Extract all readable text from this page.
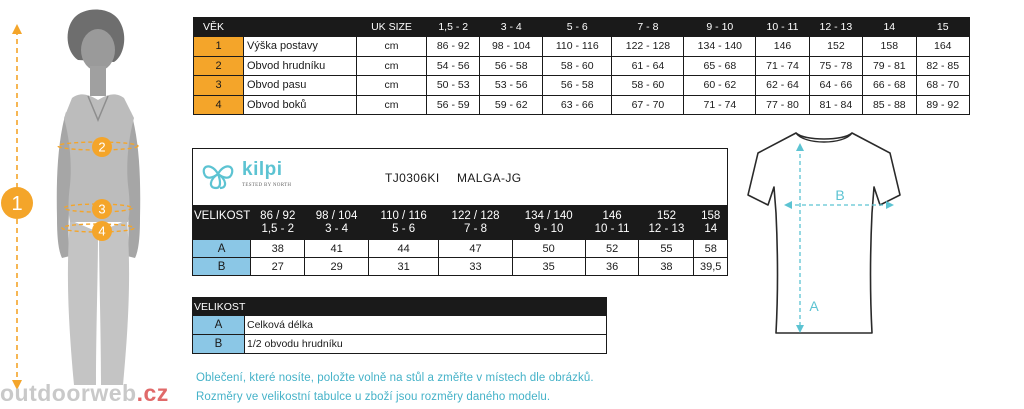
1
2
3
4
outdoorweb.cz
VĚK		UK SIZE	1,5 - 2	3 - 4	5 - 6	7 - 8	9 - 10	10 - 11	12 - 13	14	15
1	Výška postavy	cm	86 - 92	98 - 104	110 - 116	122 - 128	134 - 140	146	152	158	164
2	Obvod hrudníku	cm	54 - 56	56 - 58	58 - 60	61 - 64	65 - 68	71 - 74	75 - 78	79 - 81	82 - 85
3	Obvod pasu	cm	50 - 53	53 - 56	56 - 58	58 - 60	60 - 62	62 - 64	64 - 66	66 - 68	68 - 70
4	Obvod boků	cm	56 - 59	59 - 62	63 - 66	67 - 70	71 - 74	77 - 80	81 - 84	85 - 88	89 - 92
kilpi
TESTED BY NORTH
TJ0306KI MALGA-JG
VELIKOST	86 / 92	98 / 104	110 / 116	122 / 128	134 / 140	146	152	158
	1,5 - 2	3 - 4	5 - 6	7 - 8	9 - 10	10 - 11	12 - 13	14
A	38	41	44	47	50	52	55	58
B	27	29	31	33	35	36	38	39,5
VELIKOST	
A	Celková délka
B	1/2 obvodu hrudníku
B
A
Oblečení, které nosíte, položte volně na stůl a změřte v místech dle obrázků.
Rozměry ve velikostní tabulce u zboží jsou rozměry daného modelu.
